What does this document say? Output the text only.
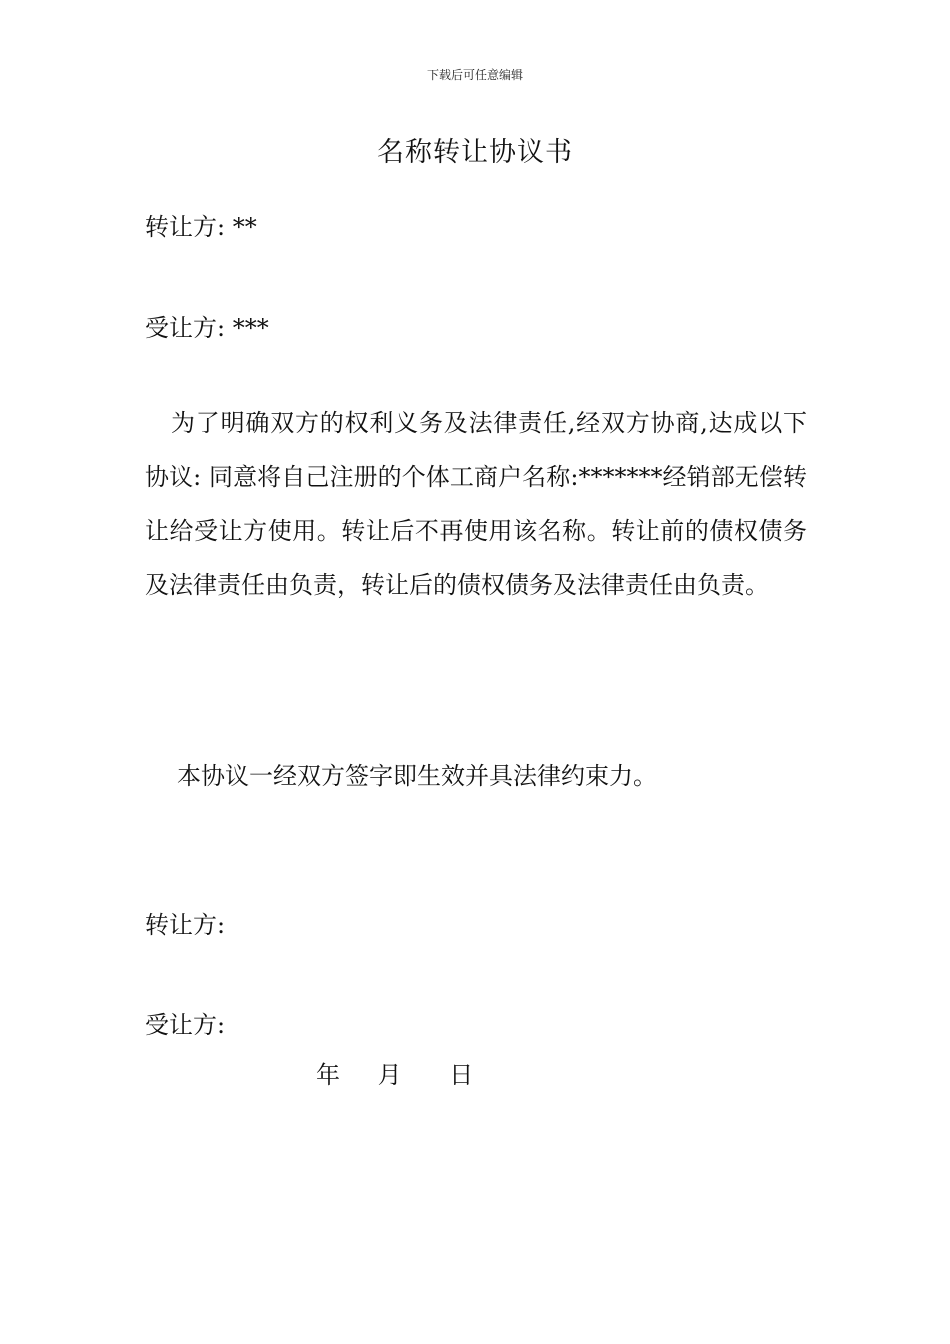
下载后可任意编辑
名称转让协议书
转让方: **
受让方: ***
为了明确双方的权利义务及法律责任,经双方协商,达成以下协议: 同意将自己注册的个体工商户名称:*******经销部无偿转让给受让方使用。转让后不再使用该名称。转让前的债权债务及法律责任由负责，转让后的债权债务及法律责任由负责。
本协议一经双方签字即生效并具法律约束力。
转让方:
受让方:
年 月 日
